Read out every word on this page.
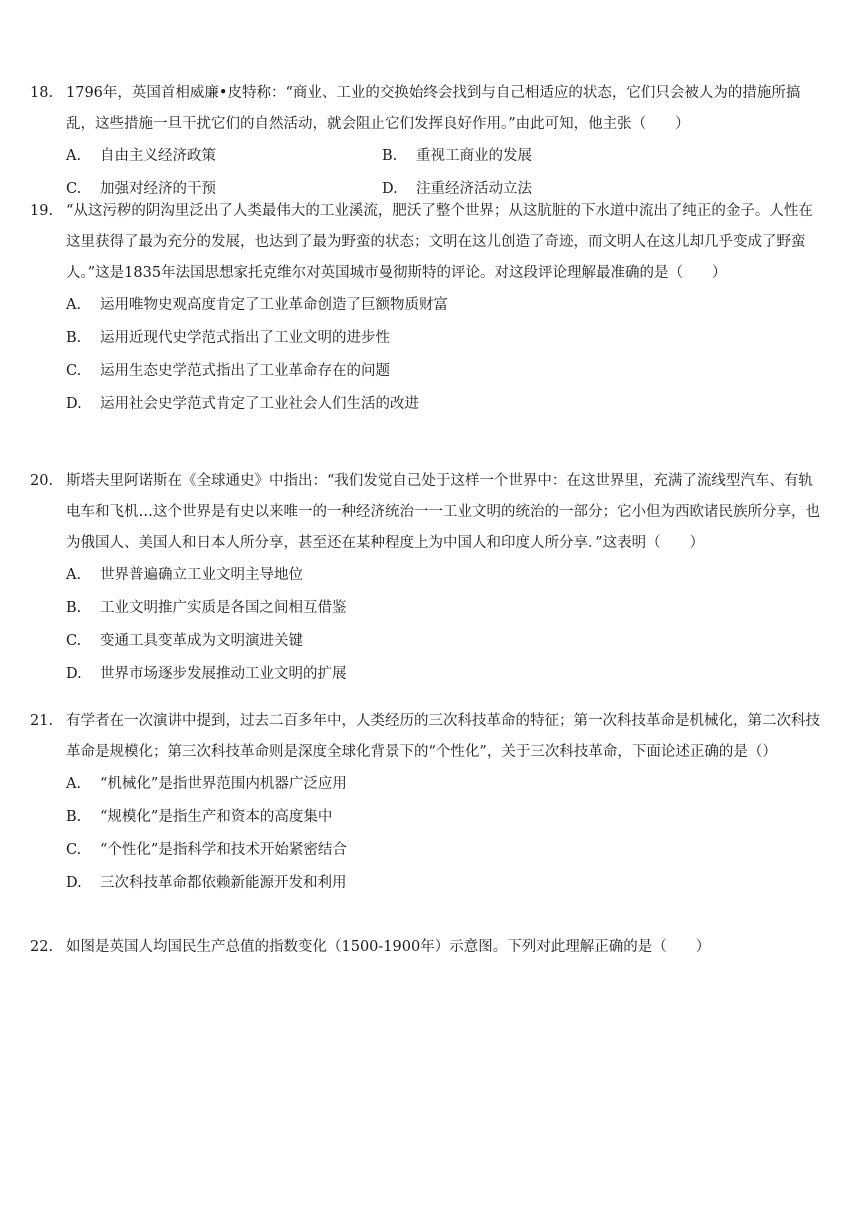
18. 1796年，英国首相威廉•皮特称：“商业、工业的交换始终会找到与自己相适应的状态，它们只会被人为的措施所搞乱，这些措施一旦干扰它们的自然活动，就会阻止它们发挥良好作用。”由此可知，他主张（　　）
A.	自由主义经济政策	B.	重视工商业的发展
C.	加强对经济的干预	D.	注重经济活动立法
19. “从这污秽的阴沟里泛出了人类最伟大的工业溪流，肥沃了整个世界；从这肮脏的下水道中流出了纯正的金子。人性在这里获得了最为充分的发展，也达到了最为野蛮的状态；文明在这儿创造了奇迹，而文明人在这儿却几乎变成了野蛮人。”这是1835年法国思想家托克维尔对英国城市曼彻斯特的评论。对这段评论理解最准确的是（　　）
A.	运用唯物史观高度肯定了工业革命创造了巨额物质财富
B.	运用近现代史学范式指出了工业文明的进步性
C.	运用生态史学范式指出了工业革命存在的问题
D.	运用社会史学范式肯定了工业社会人们生活的改进
20. 斯塔夫里阿诺斯在《全球通史》中指出：“我们发觉自己处于这样一个世界中：在这世界里，充满了流线型汽车、有轨电车和飞机…这个世界是有史以来唯一的一种经济统治一一工业文明的统治的一部分；它小但为西欧诸民族所分享，也为俄国人、美国人和日本人所分享，甚至还在某种程度上为中国人和印度人所分享．”这表明（　　）
A.	世界普遍确立工业文明主导地位
B.	工业文明推广实质是各国之间相互借鉴
C.	变通工具变革成为文明演进关键
D.	世界市场逐步发展推动工业文明的扩展
21. 有学者在一次演讲中提到，过去二百多年中，人类经历的三次科技革命的特征；第一次科技革命是机械化，第二次科技革命是规模化；第三次科技革命则是深度全球化背景下的“个性化”，关于三次科技革命，下面论述正确的是（）
A.	“机械化”是指世界范围内机器广泛应用
B.	“规模化”是指生产和资本的高度集中
C.	“个性化”是指科学和技术开始紧密结合
D.	三次科技革命都依赖新能源开发和利用
22. 如图是英国人均国民生产总值的指数变化（1500-1900年）示意图。下列对此理解正确的是（　　）
